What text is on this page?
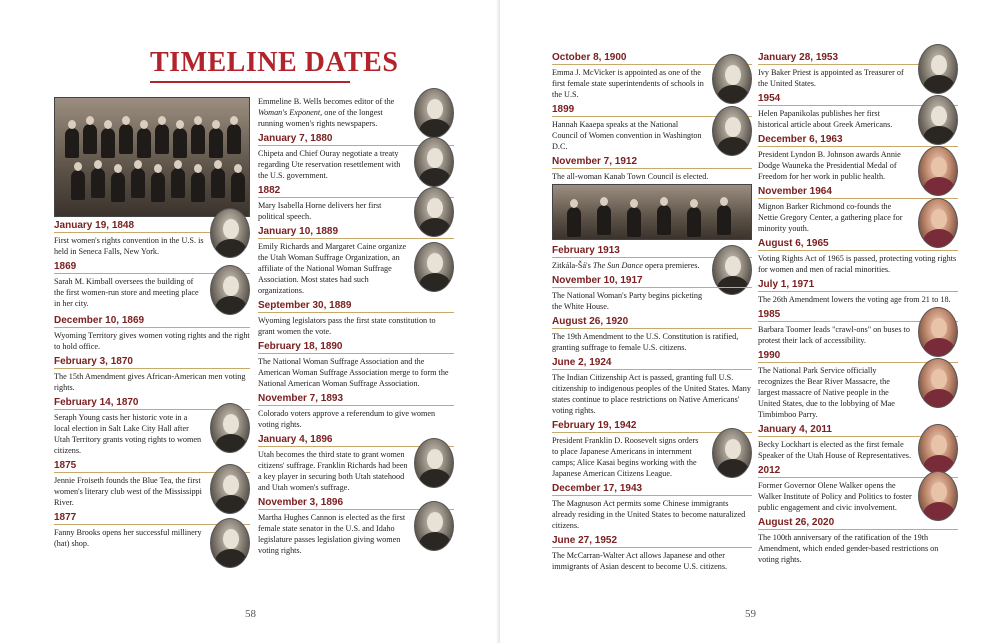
TIMELINE DATES
January 19, 1848
First women's rights convention in the U.S. is held in Seneca Falls, New York.
1869
Sarah M. Kimball oversees the building of the first women-run store and meeting place in her city.
December 10, 1869
Wyoming Territory gives women voting rights and the right to hold office.
February 3, 1870
The 15th Amendment gives African-American men voting rights.
February 14, 1870
Seraph Young casts her historic vote in a local election in Salt Lake City Hall after Utah Territory grants voting rights to women citizens.
1875
Jennie Froiseth founds the Blue Tea, the first women's literary club west of the Mississippi River.
1877
Fanny Brooks opens her successful millinery (hat) shop.
Emmeline B. Wells becomes editor of the Woman's Exponent, one of the longest running women's rights newspapers.
January 7, 1880
Chipeta and Chief Ouray negotiate a treaty regarding Ute reservation resettlement with the U.S. government.
1882
Mary Isabella Horne delivers her first political speech.
January 10, 1889
Emily Richards and Margaret Caine organize the Utah Woman Suffrage Organization, an affiliate of the National Woman Suffrage Association. Most states had such organizations.
September 30, 1889
Wyoming legislators pass the first state constitution to grant women the vote.
February 18, 1890
The National Woman Suffrage Association and the American Woman Suffrage Association merge to form the National American Woman Suffrage Association.
November 7, 1893
Colorado voters approve a referendum to give women voting rights.
January 4, 1896
Utah becomes the third state to grant women citizens' suffrage. Franklin Richards had been a key player in securing both Utah statehood and Utah women's suffrage.
November 3, 1896
Martha Hughes Cannon is elected as the first female state senator in the U.S. and Idaho legislature passes legislation giving women voting rights.
58
October 8, 1900
Emma J. McVicker is appointed as one of the first female state superintendents of schools in the U.S.
1899
Hannah Kaaepa speaks at the National Council of Women convention in Washington D.C.
November 7, 1912
The all-woman Kanab Town Council is elected.
February 1913
Zitkála-Šá's The Sun Dance opera premieres.
November 10, 1917
The National Woman's Party begins picketing the White House.
August 26, 1920
The 19th Amendment to the U.S. Constitution is ratified, granting suffrage to female U.S. citizens.
June 2, 1924
The Indian Citizenship Act is passed, granting full U.S. citizenship to indigenous peoples of the United States. Many states continue to place restrictions on Native Americans' voting rights.
February 19, 1942
President Franklin D. Roosevelt signs orders to place Japanese Americans in internment camps; Alice Kasai begins working with the Japanese American Citizens League.
December 17, 1943
The Magnuson Act permits some Chinese immigrants already residing in the United States to become naturalized citizens.
June 27, 1952
The McCarran-Walter Act allows Japanese and other immigrants of Asian descent to become U.S. citizens.
January 28, 1953
Ivy Baker Priest is appointed as Treasurer of the United States.
1954
Helen Papanikolas publishes her first historical article about Greek Americans.
December 6, 1963
President Lyndon B. Johnson awards Annie Dodge Wauneka the Presidential Medal of Freedom for her work in public health.
November 1964
Mignon Barker Richmond co-founds the Nettie Gregory Center, a gathering place for minority youth.
August 6, 1965
Voting Rights Act of 1965 is passed, protecting voting rights for women and men of racial minorities.
July 1, 1971
The 26th Amendment lowers the voting age from 21 to 18.
1985
Barbara Toomer leads "crawl-ons" on buses to protest their lack of accessibility.
1990
The National Park Service officially recognizes the Bear River Massacre, the largest massacre of Native people in the United States, due to the lobbying of Mae Timbimboo Parry.
January 4, 2011
Becky Lockhart is elected as the first female Speaker of the Utah House of Representatives.
2012
Former Governor Olene Walker opens the Walker Institute of Policy and Politics to foster public engagement and civic involvement.
August 26, 2020
The 100th anniversary of the ratification of the 19th Amendment, which ended gender-based restrictions on voting rights.
59
